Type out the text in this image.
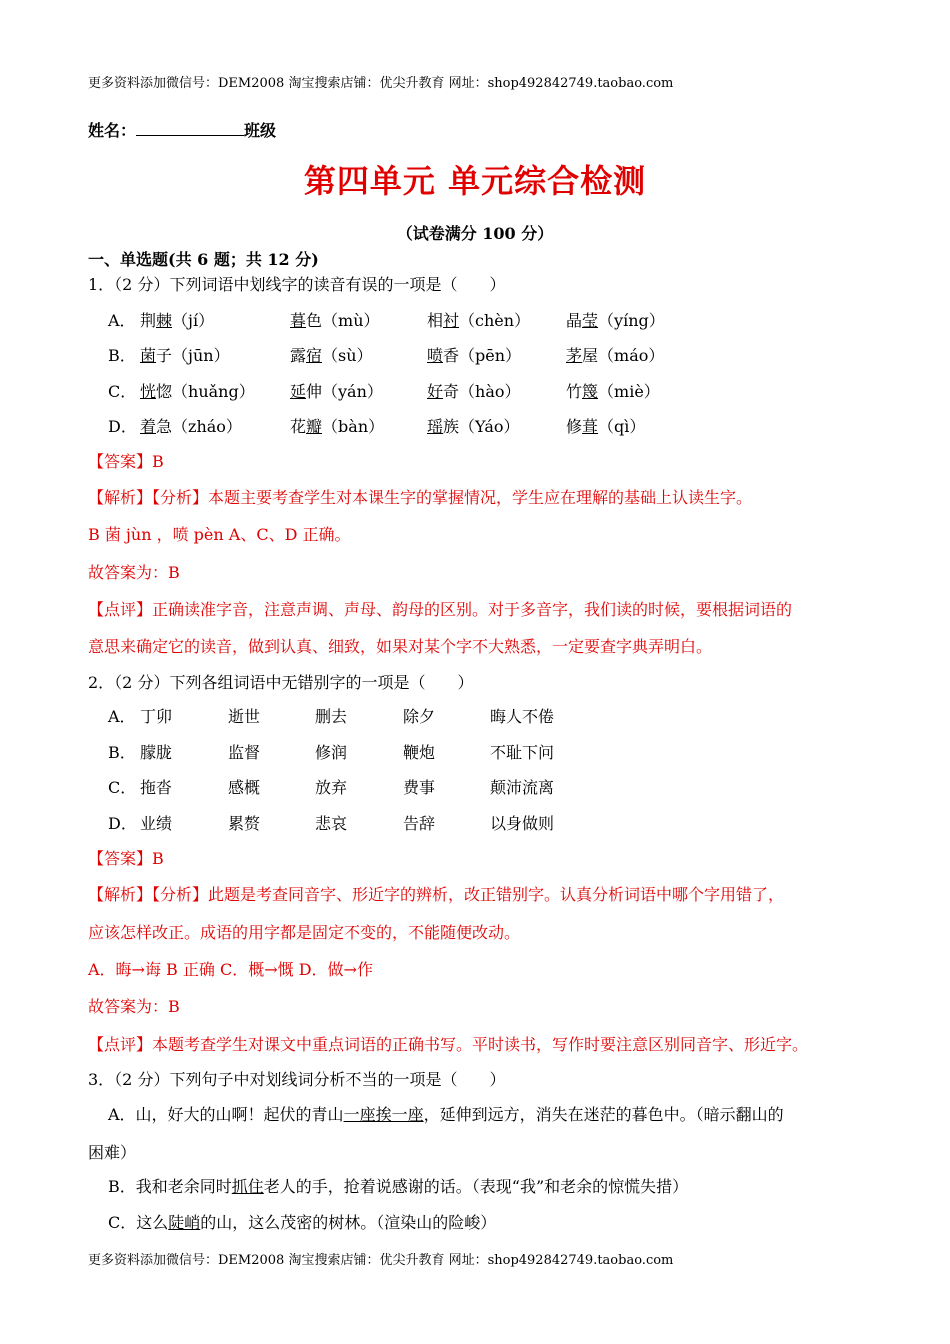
更多资料添加微信号：DEM2008 淘宝搜索店铺：优尖升教育 网址：shop492842749.taobao.com
姓名：	班级
第四单元 单元综合检测
（试卷满分 100 分）
一、单选题(共 6 题；共 12 分)
1．（2 分）下列词语中划线字的读音有误的一项是（　　）
A． 荆棘（jí）	暮色（mù）	相衬（chèn） 晶莹（yíng）
B． 菌子（jūn）	露宿（sù）	喷香（pēn）	茅屋（máo）
C． 恍惚（huǎng） 延伸（yán）	好奇（hào）	竹篾（miè）
D． 着急（zháo）	花瓣（bàn）	瑶族（Yáo）	修葺（qì）
【答案】B
【解析】【分析】本题主要考查学生对本课生字的掌握情况，学生应在理解的基础上认读生字。
B 菌 jùn ，喷 pèn A、C、D 正确。
故答案为：B
【点评】正确读准字音，注意声调、声母、韵母的区别。对于多音字，我们读的时候，要根据词语的
意思来确定它的读音，做到认真、细致，如果对某个字不大熟悉，一定要查字典弄明白。
2．（2 分）下列各组词语中无错别字的一项是（　　）
A． 丁卯	逝世	删去	除夕	晦人不倦
B． 朦胧	监督	修润	鞭炮	不耻下问
C． 拖沓	感概	放弃	费事	颠沛流离
D． 业绩	累赘	悲哀	告辞	以身做则
【答案】B
【解析】【分析】此题是考查同音字、形近字的辨析，改正错别字。认真分析词语中哪个字用错了，
应该怎样改正。成语的用字都是固定不变的，不能随便改动。
A．晦→诲 B 正确 C．概→慨 D．做→作
故答案为：B
【点评】本题考查学生对课文中重点词语的正确书写。平时读书，写作时要注意区别同音字、形近字。
3．（2 分）下列句子中对划线词分析不当的一项是（　　）
A．山，好大的山啊！起伏的青山一座挨一座，延伸到远方，消失在迷茫的暮色中。（暗示翻山的
困难）
B．我和老余同时抓住老人的手，抢着说感谢的话。（表现“我”和老余的惊慌失措）
C．这么陡峭的山，这么茂密的树林。（渲染山的险峻）
更多资料添加微信号：DEM2008 淘宝搜索店铺：优尖升教育 网址：shop492842749.taobao.com
